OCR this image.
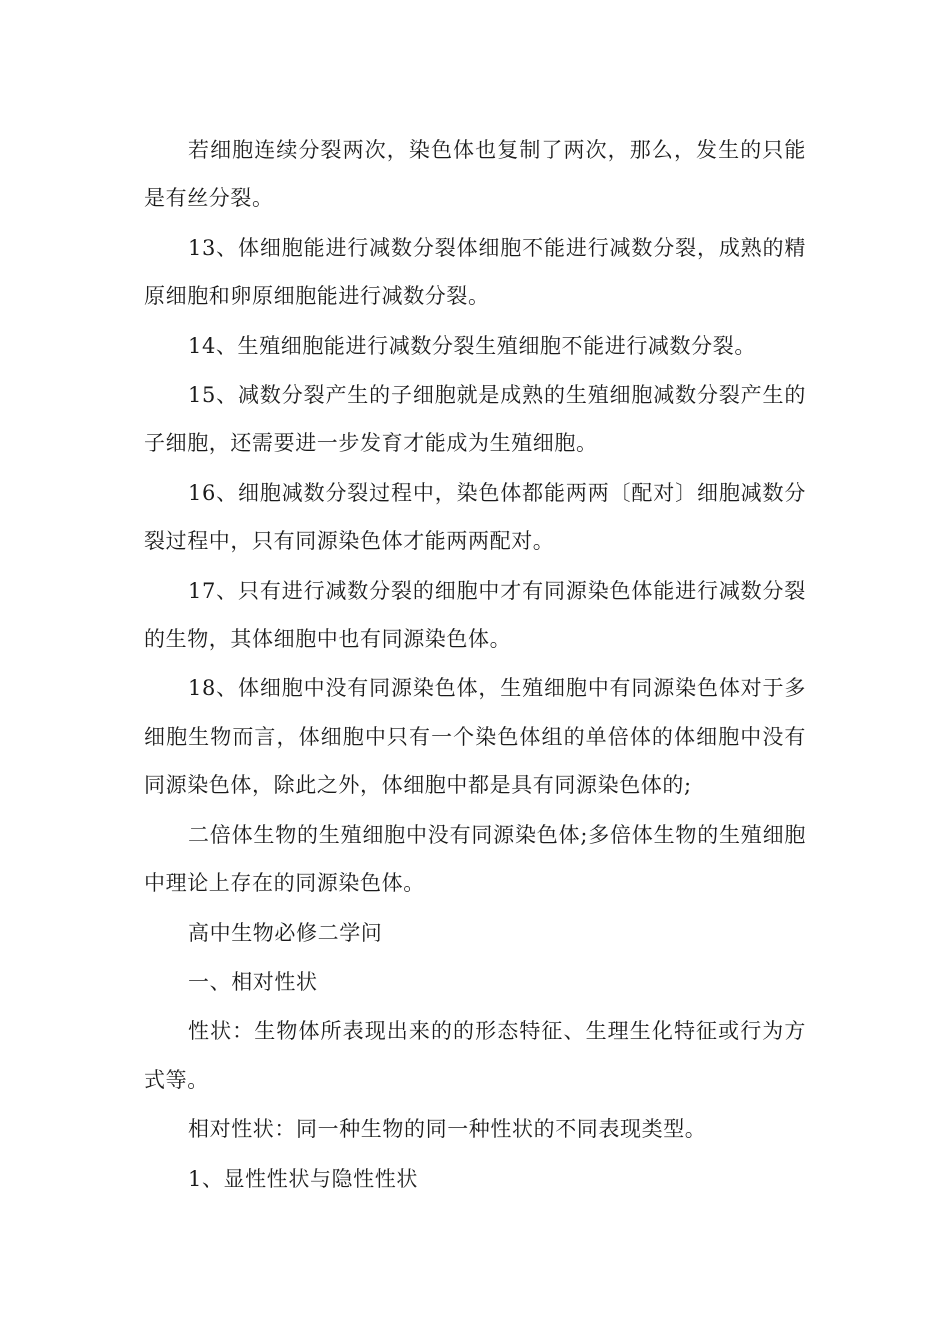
若细胞连续分裂两次，染色体也复制了两次，那么，发生的只能是有丝分裂。

13、体细胞能进行减数分裂体细胞不能进行减数分裂，成熟的精原细胞和卵原细胞能进行减数分裂。

14、生殖细胞能进行减数分裂生殖细胞不能进行减数分裂。

15、减数分裂产生的子细胞就是成熟的生殖细胞减数分裂产生的子细胞，还需要进一步发育才能成为生殖细胞。

16、细胞减数分裂过程中，染色体都能两两〔配对〕细胞减数分裂过程中，只有同源染色体才能两两配对。

17、只有进行减数分裂的细胞中才有同源染色体能进行减数分裂的生物，其体细胞中也有同源染色体。

18、体细胞中没有同源染色体，生殖细胞中有同源染色体对于多细胞生物而言，体细胞中只有一个染色体组的单倍体的体细胞中没有同源染色体，除此之外，体细胞中都是具有同源染色体的;

二倍体生物的生殖细胞中没有同源染色体;多倍体生物的生殖细胞中理论上存在的同源染色体。

高中生物必修二学问

一、相对性状

性状：生物体所表现出来的的形态特征、生理生化特征或行为方式等。

相对性状：同一种生物的同一种性状的不同表现类型。

1、显性性状与隐性性状
